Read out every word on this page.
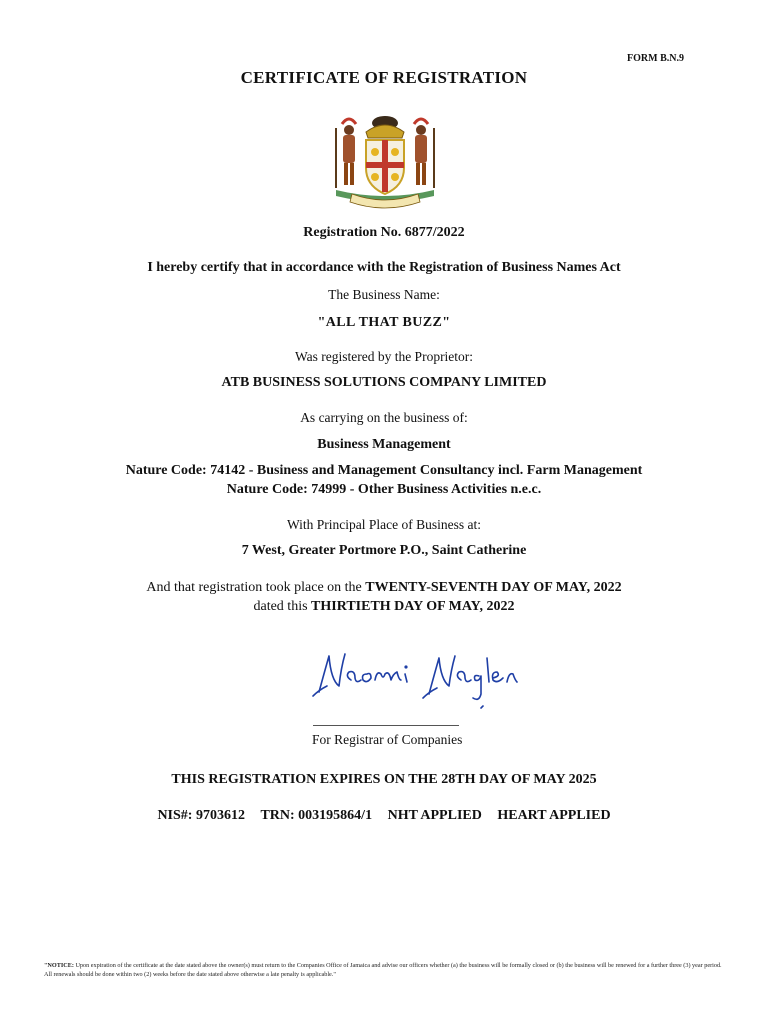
FORM B.N.9
CERTIFICATE OF REGISTRATION
Registration No. 6877/2022
I hereby certify that in accordance with the Registration of Business Names Act
The Business Name:
"ALL THAT BUZZ"
Was registered by the Proprietor:
ATB BUSINESS SOLUTIONS COMPANY LIMITED
As carrying on the business of:
Business Management
Nature Code: 74142 - Business and Management Consultancy incl. Farm Management
Nature Code: 74999 - Other Business Activities n.e.c.
With Principal Place of Business at:
7 West, Greater Portmore P.O., Saint Catherine
And that registration took place on the TWENTY-SEVENTH DAY OF MAY, 2022
dated this THIRTIETH DAY OF MAY, 2022
Naomi Naglen
For Registrar of Companies
THIS REGISTRATION EXPIRES ON THE 28TH DAY OF MAY 2025
NIS#: 9703612 TRN: 003195864/1 NHT APPLIED HEART APPLIED
"NOTICE: Upon expiration of the certificate at the date stated above the owner(s) must return to the Companies Office of Jamaica and advise our officers whether (a) the business will be formally closed or (b) the business will be renewed for a further three (3) year period. All renewals should be done within two (2) weeks before the date stated above otherwise a late penalty is applicable."
